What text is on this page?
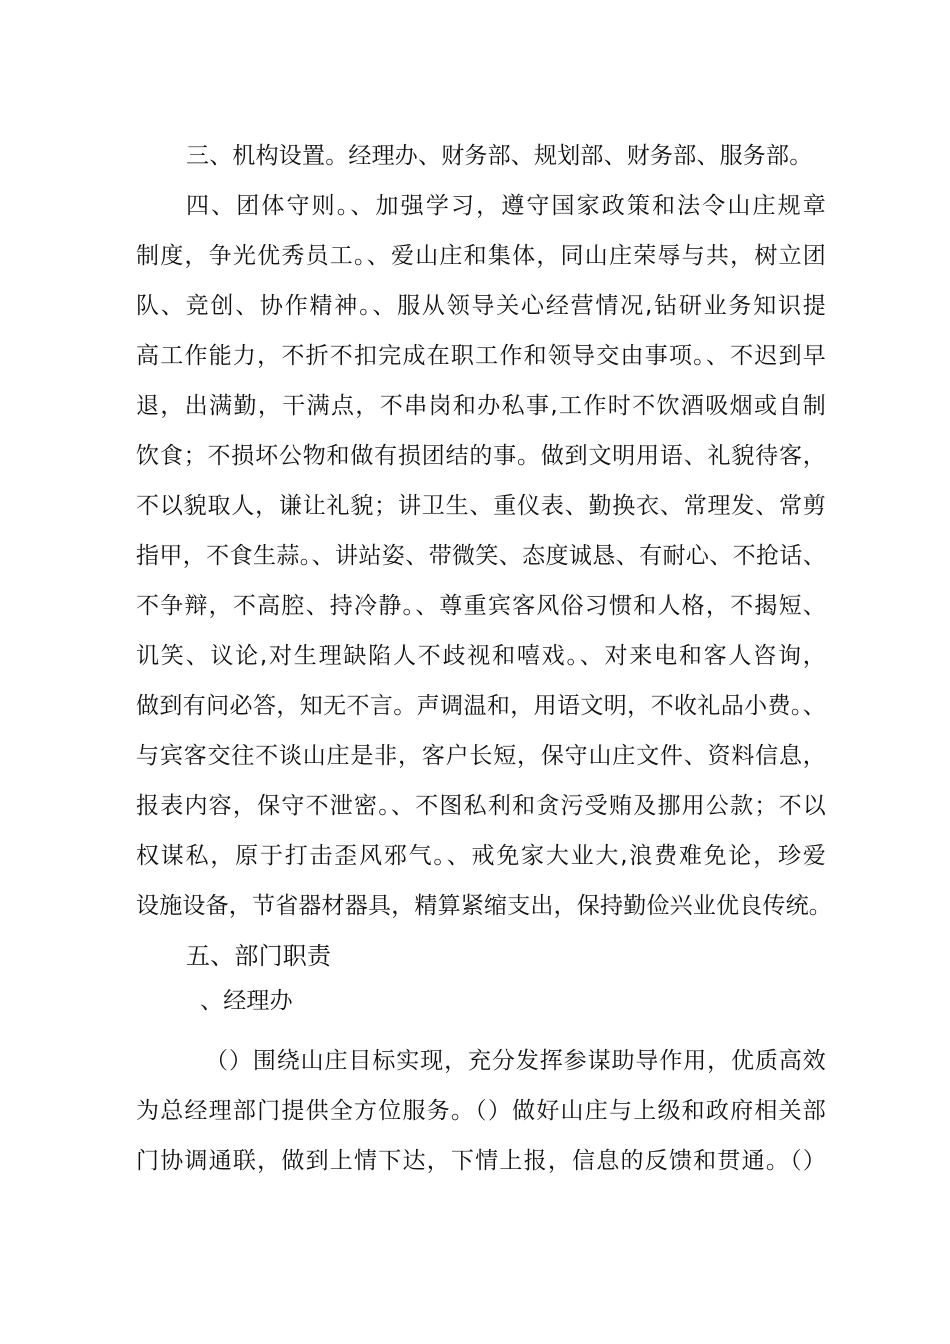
三、机构设置。经理办、财务部、规划部、财务部、服务部。
四、团体守则。、加强学习，遵守国家政策和法令山庄规章
制度，争光优秀员工。、爱山庄和集体，同山庄荣辱与共，树立团
队、竞创、协作精神。、服从领导关心经营情况,钻研业务知识提
高工作能力，不折不扣完成在职工作和领导交由事项。、不迟到早
退，出满勤，干满点，不串岗和办私事,工作时不饮酒吸烟或自制
饮食；不损坏公物和做有损团结的事。做到文明用语、礼貌待客，
不以貌取人，谦让礼貌；讲卫生、重仪表、勤换衣、常理发、常剪
指甲，不食生蒜。、讲站姿、带微笑、态度诚恳、有耐心、不抢话、
不争辩，不高腔、持冷静。、尊重宾客风俗习惯和人格，不揭短、
讥笑、议论,对生理缺陷人不歧视和嘻戏。、对来电和客人咨询，
做到有问必答，知无不言。声调温和，用语文明，不收礼品小费。、
与宾客交往不谈山庄是非，客户长短，保守山庄文件、资料信息，
报表内容，保守不泄密。、不图私利和贪污受贿及挪用公款；不以
权谋私，原于打击歪风邪气。、戒免家大业大,浪费难免论，珍爱
设施设备，节省器材器具，精算紧缩支出，保持勤俭兴业优良传统。
五、部门职责
、经理办
（）围绕山庄目标实现，充分发挥参谋助导作用，优质高效
为总经理部门提供全方位服务。（）做好山庄与上级和政府相关部
门协调通联，做到上情下达，下情上报，信息的反馈和贯通。（）
